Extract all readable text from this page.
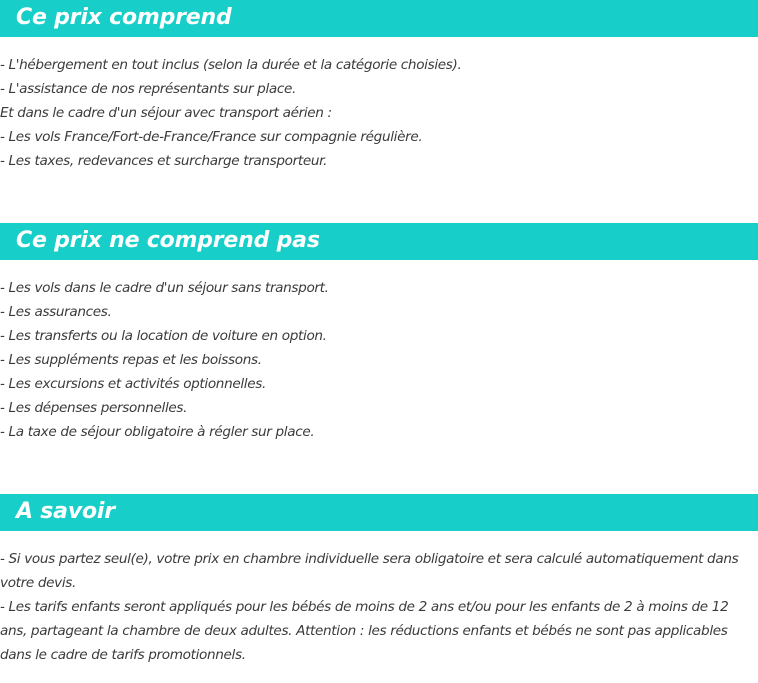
Ce prix comprend
- L'hébergement en tout inclus (selon la durée et la catégorie choisies).
- L'assistance de nos représentants sur place.
Et dans le cadre d'un séjour avec transport aérien :
- Les vols France/Fort-de-France/France sur compagnie régulière.
- Les taxes, redevances et surcharge transporteur.
Ce prix ne comprend pas
- Les vols dans le cadre d'un séjour sans transport.
- Les assurances.
- Les transferts ou la location de voiture en option.
- Les suppléments repas et les boissons.
- Les excursions et activités optionnelles.
- Les dépenses personnelles.
- La taxe de séjour obligatoire à régler sur place.
A savoir
- Si vous partez seul(e), votre prix en chambre individuelle sera obligatoire et sera calculé automatiquement dans votre devis.
- Les tarifs enfants seront appliqués pour les bébés de moins de 2 ans et/ou pour les enfants de 2 à moins de 12 ans, partageant la chambre de deux adultes. Attention : les réductions enfants et bébés ne sont pas applicables dans le cadre de tarifs promotionnels.
